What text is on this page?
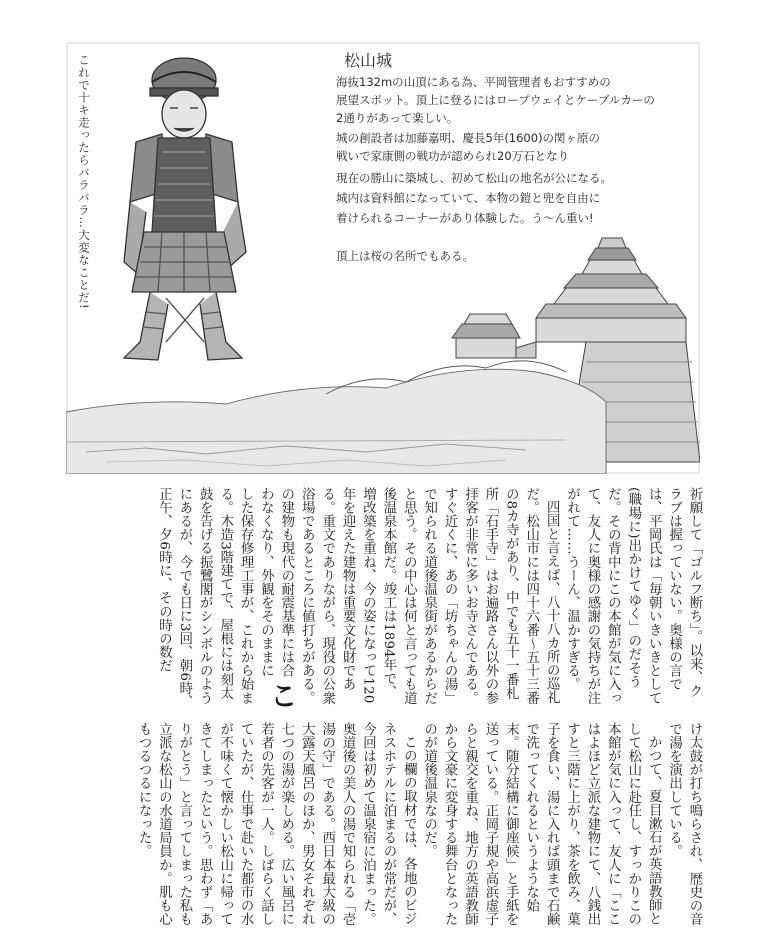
松山城
海抜132mの山頂にある為、平岡管理者もおすすめの
展望スポット。頂上に登るにはロープウェイとケーブルカーの
2通りがあって楽しい。
城の創設者は加藤嘉明、慶長5年(1600)の関ヶ原の
戦いで家康側の戦功が認められ20万石となり
現在の勝山に築城し、初めて松山の地名が公になる。
城内は資料館になっていて、本物の鎧と兜を自由に
着けられるコーナーがあり体験した。う〜ん重い!
頂上は桜の名所でもある。
これで十キ走ったらバラバラ…大変なことだ!

祈願して「ゴルフ断ち」。以来、クラブは握っていない。奥様の言では、平岡氏は「毎朝いきいきとして(職場に)出かけてゆく」のだそうだ。その背中にこの本館が気に入って、友人に奥様の感謝の気持ちが注がれて……うーん、温かすぎる。

四国と言えば、八十八カ所の巡礼だ。松山市には四十六番〜五十三番の8カ寺があり、中でも五十一番札所「石手寺」はお遍路さん以外の参拝客が非常に多いお寺さんである。すぐ近くに、あの「坊ちゃんの湯」で知られる道後温泉街があるからだと思う。その中心は何と言っても道後温泉本館だ。竣工は1894年で、増改築を重ね、今の姿になって120年を迎えた建物は重要文化財である。重文でありながら、現役の公衆浴場であるところに値打ちがある。

こ
の建物も現代の耐震基準には合わなくなり、外観をそのままにした保存修理工事が、これから始まる。木造3階建てで、屋根には刻太鼓を告げる振鷺閣がシンボルのようにあるが、今でも日に3回、朝6時、正午、夕6時に、その時の数だ

け太鼓が打ち鳴らされ、歴史の音で湯を演出している。

かつて、夏目漱石が英語教師として松山に赴任し、すっかりこの本館が気に入って、友人に「ここはよほど立派な建物にて、八銭出すと三階に上がり、茶を飲み、菓子を食い、湯に入れば頭まで石鹸で洗ってくれるというような始末。随分結構に御座候」と手紙を送っている。正岡子規や高浜虚子らと親交を重ね、地方の英語教師から文豪に変身する舞台となったのが道後温泉なのだ。

この欄の取材では、各地のビジネスホテルに泊まるのが常だが、今回は初めて温泉宿に泊まった。奥道後の美人の湯で知られる「壱湯の守」である。西日本最大級の大露天風呂のほか、男女それぞれ七つの湯が楽しめる。広い風呂に若者の先客が一人。しばらく話していたが、仕事で赴いた都市の水が不味くて懐かしい松山に帰ってきてしまったという。思わず「ありがとう」と言ってしまった私も立派な松山の水道局員か。肌も心もつるつるになった。
